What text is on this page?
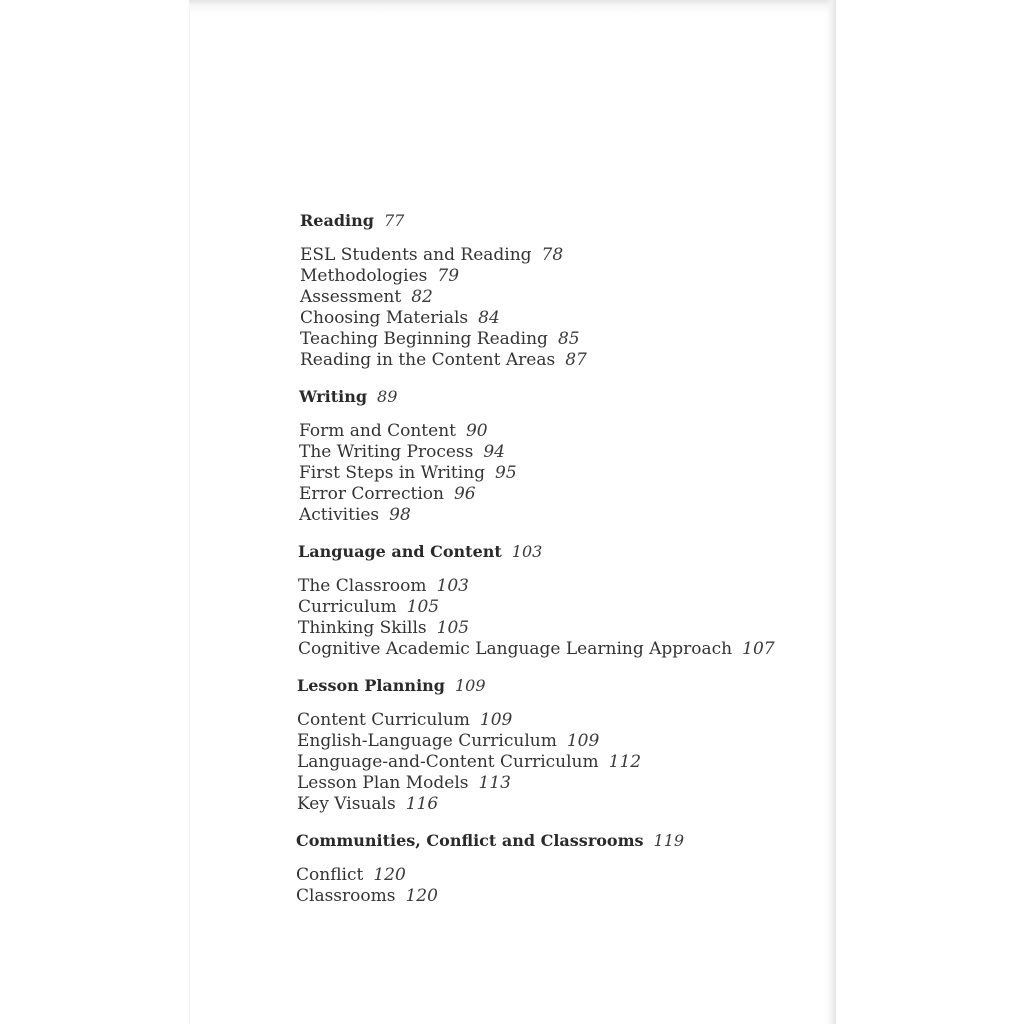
Reading 77
ESL Students and Reading 78
Methodologies 79
Assessment 82
Choosing Materials 84
Teaching Beginning Reading 85
Reading in the Content Areas 87
Writing 89
Form and Content 90
The Writing Process 94
First Steps in Writing 95
Error Correction 96
Activities 98
Language and Content 103
The Classroom 103
Curriculum 105
Thinking Skills 105
Cognitive Academic Language Learning Approach 107
Lesson Planning 109
Content Curriculum 109
English-Language Curriculum 109
Language-and-Content Curriculum 112
Lesson Plan Models 113
Key Visuals 116
Communities, Conflict and Classrooms 119
Conflict 120
Classrooms 120
